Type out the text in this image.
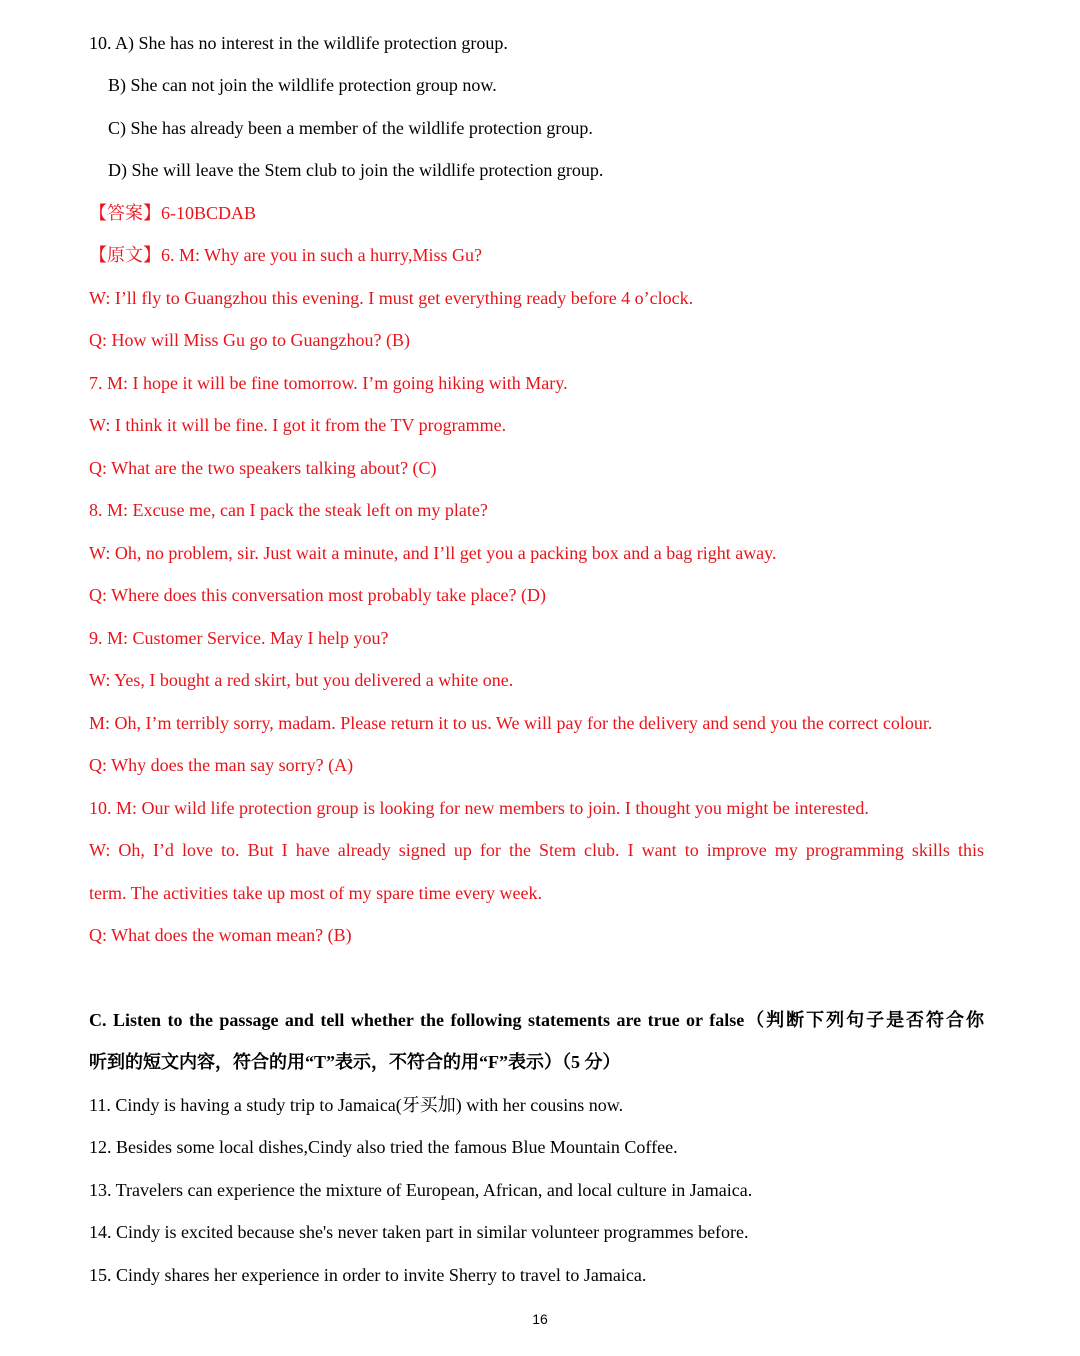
10. A) She has no interest in the wildlife protection group.
B) She can not join the wildlife protection group now.
C) She has already been a member of the wildlife protection group.
D) She will leave the Stem club to join the wildlife protection group.
【答案】6-10BCDAB
【原文】6. M: Why are you in such a hurry,Miss Gu?
W: I’ll fly to Guangzhou this evening. I must get everything ready before 4 o’clock.
Q: How will Miss Gu go to Guangzhou? (B)
7. M: I hope it will be fine tomorrow. I’m going hiking with Mary.
W: I think it will be fine. I got it from the TV programme.
Q: What are the two speakers talking about? (C)
8. M: Excuse me, can I pack the steak left on my plate?
W: Oh, no problem, sir. Just wait a minute, and I’ll get you a packing box and a bag right away.
Q: Where does this conversation most probably take place? (D)
9. M: Customer Service. May I help you?
W: Yes, I bought a red skirt, but you delivered a white one.
M: Oh, I’m terribly sorry, madam. Please return it to us. We will pay for the delivery and send you the correct colour.
Q: Why does the man say sorry? (A)
10. M: Our wild life protection group is looking for new members to join. I thought you might be interested.
W: Oh, I’d love to. But I have already signed up for the Stem club. I want to improve my programming skills this
term. The activities take up most of my spare time every week.
Q: What does the woman mean? (B)
C. Listen to the passage and tell whether the following statements are true or false（判断下列句子是否符合你
听到的短文内容，符合的用“T”表示，不符合的用“F”表示）（5 分）
11. Cindy is having a study trip to Jamaica(牙买加) with her cousins now.
12. Besides some local dishes,Cindy also tried the famous Blue Mountain Coffee.
13. Travelers can experience the mixture of European, African, and local culture in Jamaica.
14. Cindy is excited because she's never taken part in similar volunteer programmes before.
15. Cindy shares her experience in order to invite Sherry to travel to Jamaica.
16
